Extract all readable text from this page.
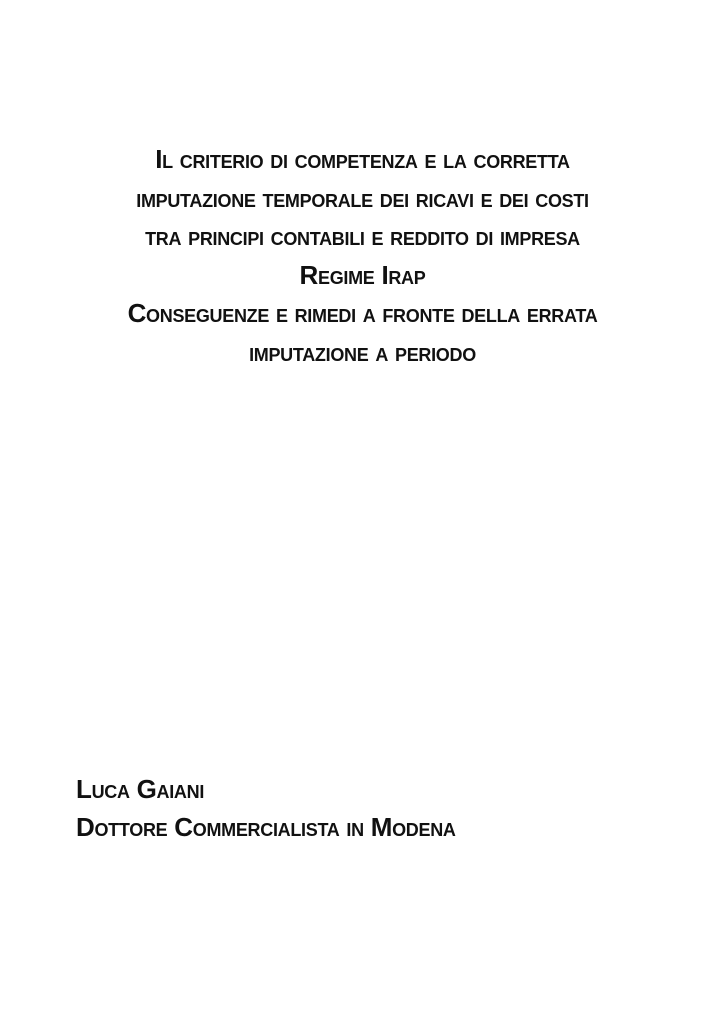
Il criterio di competenza e la corretta
imputazione temporale dei ricavi e dei costi
tra principi contabili e reddito di impresa
Regime Irap
Conseguenze e rimedi a fronte della errata
imputazione a periodo
Luca Gaiani
Dottore Commercialista in Modena
